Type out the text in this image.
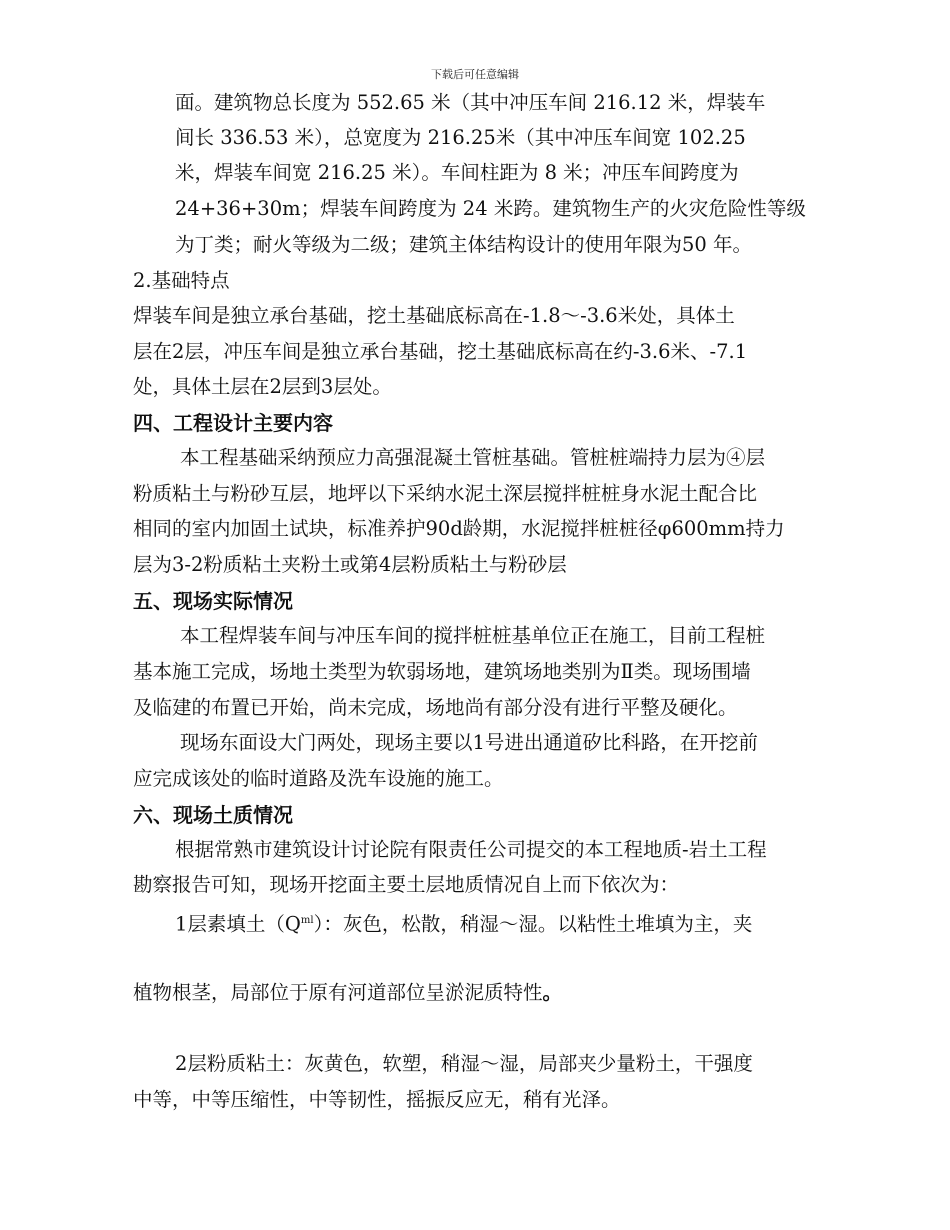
下载后可任意编辑
面。建筑物总长度为 552.65 米（其中冲压车间 216.12 米，焊装车
间长 336.53 米），总宽度为 216.25米（其中冲压车间宽 102.25
米，焊装车间宽 216.25 米）。车间柱距为 8 米；冲压车间跨度为
24+36+30m；焊装车间跨度为 24 米跨。建筑物生产的火灾危险性等级
为丁类；耐火等级为二级；建筑主体结构设计的使用年限为50 年。
2.基础特点
焊装车间是独立承台基础，挖土基础底标高在-1.8～-3.6米处，具体土
层在2层，冲压车间是独立承台基础，挖土基础底标高在约-3.6米、-7.1
处，具体土层在2层到3层处。
四、工程设计主要内容
本工程基础采纳预应力高强混凝土管桩基础。管桩桩端持力层为④层
粉质粘土与粉砂互层，地坪以下采纳水泥土深层搅拌桩桩身水泥土配合比
相同的室内加固土试块，标准养护90d龄期，水泥搅拌桩桩径φ600mm持力
层为3-2粉质粘土夹粉土或第4层粉质粘土与粉砂层
五、现场实际情况
本工程焊装车间与冲压车间的搅拌桩桩基单位正在施工，目前工程桩
基本施工完成，场地土类型为软弱场地，建筑场地类别为Ⅱ类。现场围墙
及临建的布置已开始，尚未完成，场地尚有部分没有进行平整及硬化。
现场东面设大门两处，现场主要以1号进出通道矽比科路，在开挖前
应完成该处的临时道路及洗车设施的施工。
六、现场土质情况
根据常熟市建筑设计讨论院有限责任公司提交的本工程地质-岩土工程
勘察报告可知，现场开挖面主要土层地质情况自上而下依次为：
1层素填土$(Q^{ml})$：灰色，松散，稍湿～湿。以粘性土堆填为主，夹
植物根茎，局部位于原有河道部位呈淤泥质特性。
2层粉质粘土：灰黄色，软塑，稍湿～湿，局部夹少量粉土，干强度
中等，中等压缩性，中等韧性，摇振反应无，稍有光泽。
